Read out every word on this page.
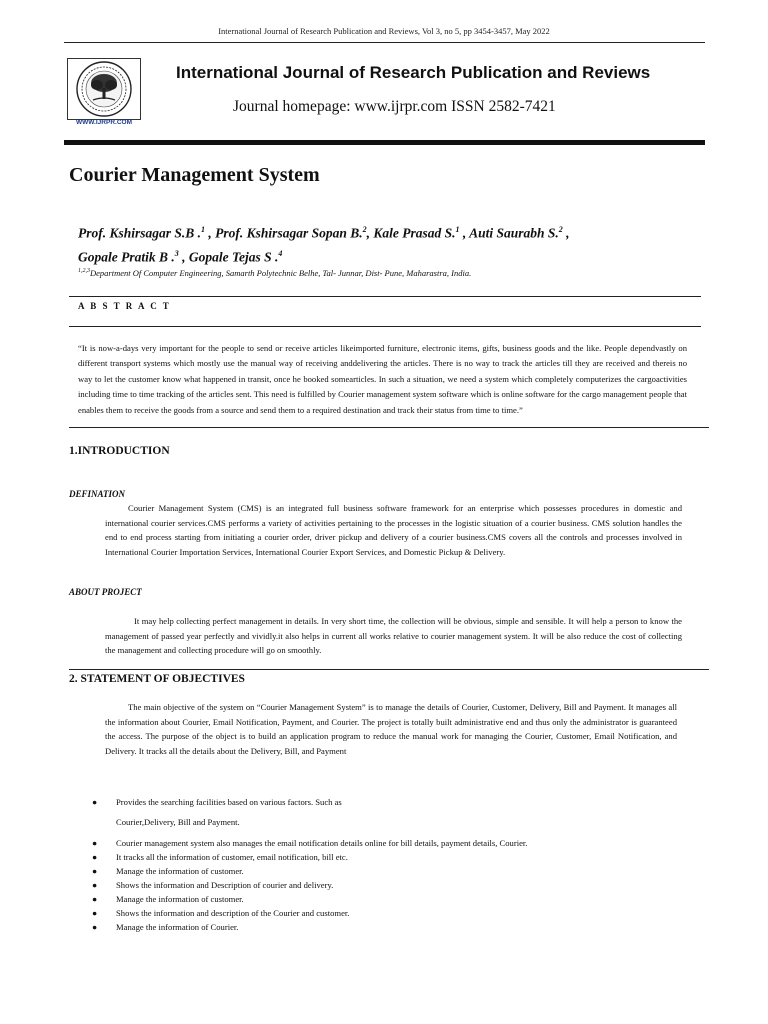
International Journal of Research Publication and Reviews, Vol 3, no 5, pp 3454-3457, May 2022
WWW.IJRPR.COM
International Journal of Research Publication and Reviews
Journal homepage: www.ijrpr.com ISSN 2582-7421
Courier Management System
Prof. Kshirsagar S.B .$^1$ , Prof. Kshirsagar Sopan B.$^2$, Kale Prasad S.$^1$ , Auti Saurabh S.$^2$ ,
Gopale Pratik B .$^3$ , Gopale Tejas S .$^4$
$^{1,2,3}$Department Of Computer Engineering, Samarth Polytechnic Belhe, Tal- Junnar, Dist- Pune, Maharastra, India.
A B S T R A C T
“It is now-a-days very important for the people to send or receive articles likeimported furniture, electronic items, gifts, business goods and the like. People dependvastly on different transport systems which mostly use the manual way of receiving anddelivering the articles. There is no way to track the articles till they are received and thereis no way to let the customer know what happened in transit, once he booked somearticles. In such a situation, we need a system which completely computerizes the cargoactivities including time to time tracking of the articles sent. This need is fulfilled by Courier management system software which is online software for the cargo management people that enables them to receive the goods from a source and send them to a required destination and track their status from time to time.”
1.INTRODUCTION
DEFINATION
Courier Management System (CMS) is an integrated full business software framework for an enterprise which possesses procedures in domestic and international courier services.CMS performs a variety of activities pertaining to the processes in the logistic situation of a courier business. CMS solution handles the end to end process starting from initiating a courier order, driver pickup and delivery of a courier business.CMS covers all the controls and processes involved in International Courier Importation Services, International Courier Export Services, and Domestic Pickup & Delivery.
ABOUT PROJECT
It may help collecting perfect management in details. In very short time, the collection will be obvious, simple and sensible. It will help a person to know the management of passed year perfectly and vividly.it also helps in current all works relative to courier management system. It will be also reduce the cost of collecting the management and collecting procedure will go on smoothly.
2. STATEMENT OF OBJECTIVES
The main objective of the system on “Courier Management System” is to manage the details of Courier, Customer, Delivery, Bill and Payment. It manages all the information about Courier, Email Notification, Payment, and Courier. The project is totally built administrative end and thus only the administrator is guaranteed the access. The purpose of the object is to build an application program to reduce the manual work for managing the Courier, Customer, Email Notification, and Delivery. It tracks all the details about the Delivery, Bill, and Payment
● Provides the searching facilities based on various factors. Such as
Courier,Delivery, Bill and Payment.
● Courier management system also manages the email notification details online for bill details, payment details, Courier.
● It tracks all the information of customer, email notification, bill etc.
● Manage the information of customer.
● Shows the information and Description of courier and delivery.
● Manage the information of customer.
● Shows the information and description of the Courier and customer.
● Manage the information of Courier.
